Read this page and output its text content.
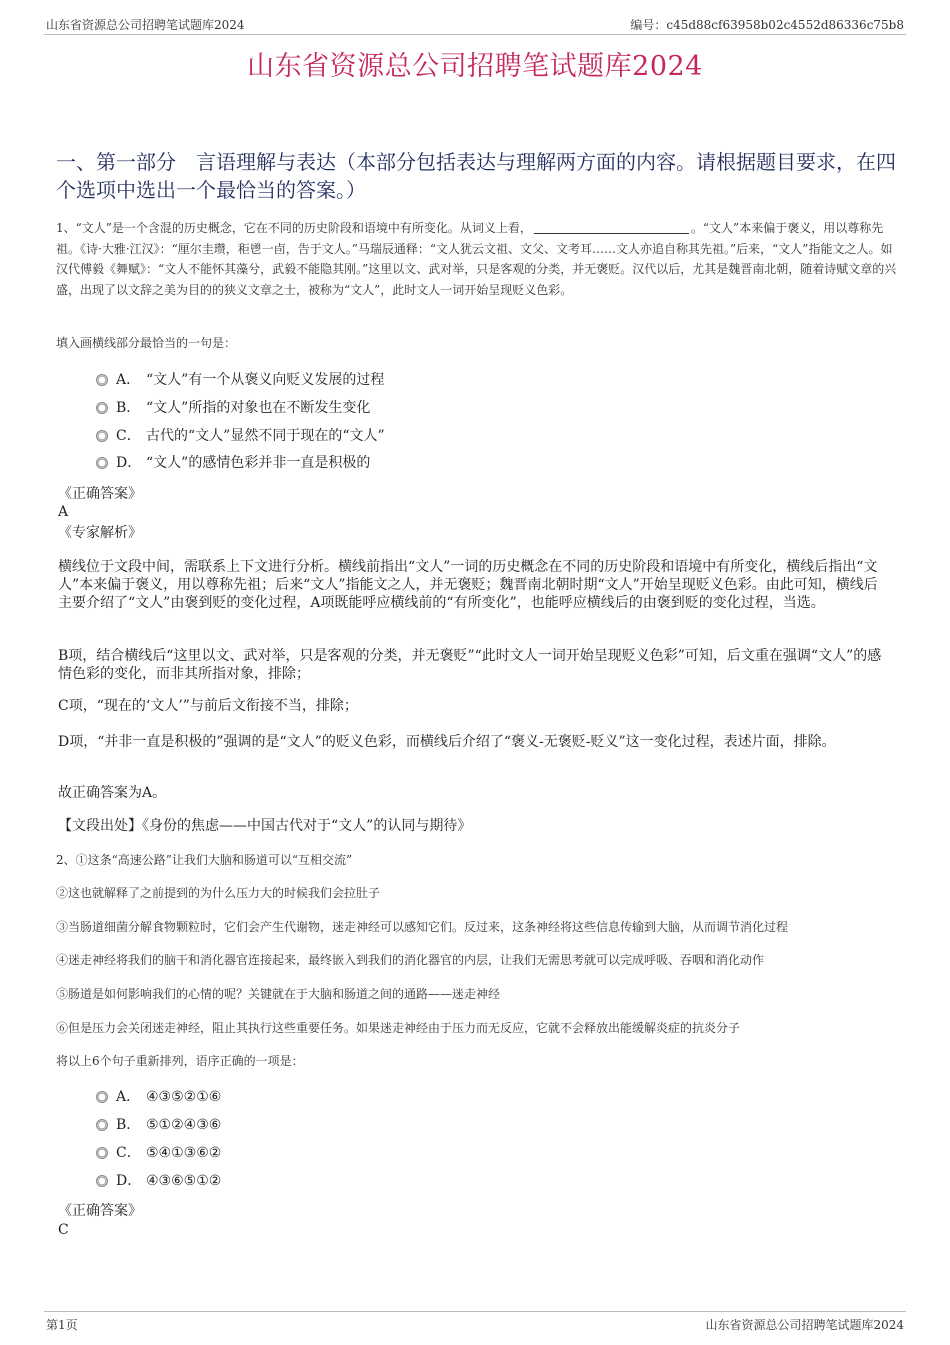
山东省资源总公司招聘笔试题库2024	编号：c45d88cf63958b02c4552d86336c75b8
山东省资源总公司招聘笔试题库2024
一、第一部分　言语理解与表达（本部分包括表达与理解两方面的内容。请根据题目要求，在四个选项中选出一个最恰当的答案。）
1、“文人”是一个含混的历史概念，它在不同的历史阶段和语境中有所变化。从词义上看，	。“文人”本来偏于褒义，用以尊称先祖。《诗·大雅·江汉》：“厘尔圭瓒，秬鬯一卣，告于文人。”马瑞辰通释：“文人犹云文祖、文父、文考耳……文人亦追自称其先祖。”后来，“文人”指能文之人。如汉代傅毅《舞赋》：“文人不能怀其藻兮，武毅不能隐其刚。”这里以文、武对举，只是客观的分类，并无褒贬。汉代以后，尤其是魏晋南北朝，随着诗赋文章的兴盛，出现了以文辞之美为目的的狭义文章之士，被称为“文人”，此时文人一词开始呈现贬义色彩。
填入画横线部分最恰当的一句是：
A． “文人”有一个从褒义向贬义发展的过程
B． “文人”所指的对象也在不断发生变化
C． 古代的“文人”显然不同于现在的“文人”
D． “文人”的感情色彩并非一直是积极的
《正确答案》
A
《专家解析》
横线位于文段中间，需联系上下文进行分析。横线前指出“文人”一词的历史概念在不同的历史阶段和语境中有所变化，横线后指出“文人”本来偏于褒义，用以尊称先祖；后来“文人”指能文之人，并无褒贬；魏晋南北朝时期“文人”开始呈现贬义色彩。由此可知，横线后主要介绍了“文人”由褒到贬的变化过程，A项既能呼应横线前的“有所变化”，也能呼应横线后的由褒到贬的变化过程，当选。
B项，结合横线后“这里以文、武对举，只是客观的分类，并无褒贬”“此时文人一词开始呈现贬义色彩”可知，后文重在强调“文人”的感情色彩的变化，而非其所指对象，排除；
C项，“现在的‘文人’”与前后文衔接不当，排除；
D项，“并非一直是积极的”强调的是“文人”的贬义色彩，而横线后介绍了“褒义-无褒贬-贬义”这一变化过程，表述片面，排除。
故正确答案为A。
【文段出处】《身份的焦虑——中国古代对于“文人”的认同与期待》
2、①这条“高速公路”让我们大脑和肠道可以“互相交流”
②这也就解释了之前提到的为什么压力大的时候我们会拉肚子
③当肠道细菌分解食物颗粒时，它们会产生代谢物，迷走神经可以感知它们。反过来，这条神经将这些信息传输到大脑，从而调节消化过程
④迷走神经将我们的脑干和消化器官连接起来，最终嵌入到我们的消化器官的内层，让我们无需思考就可以完成呼吸、吞咽和消化动作
⑤肠道是如何影响我们的心情的呢？关键就在于大脑和肠道之间的通路——迷走神经
⑥但是压力会关闭迷走神经，阻止其执行这些重要任务。如果迷走神经由于压力而无反应，它就不会释放出能缓解炎症的抗炎分子
将以上6个句子重新排列，语序正确的一项是：
A． ④③⑤②①⑥
B． ⑤①②④③⑥
C． ⑤④①③⑥②
D． ④③⑥⑤①②
《正确答案》
C
第1页	山东省资源总公司招聘笔试题库2024
